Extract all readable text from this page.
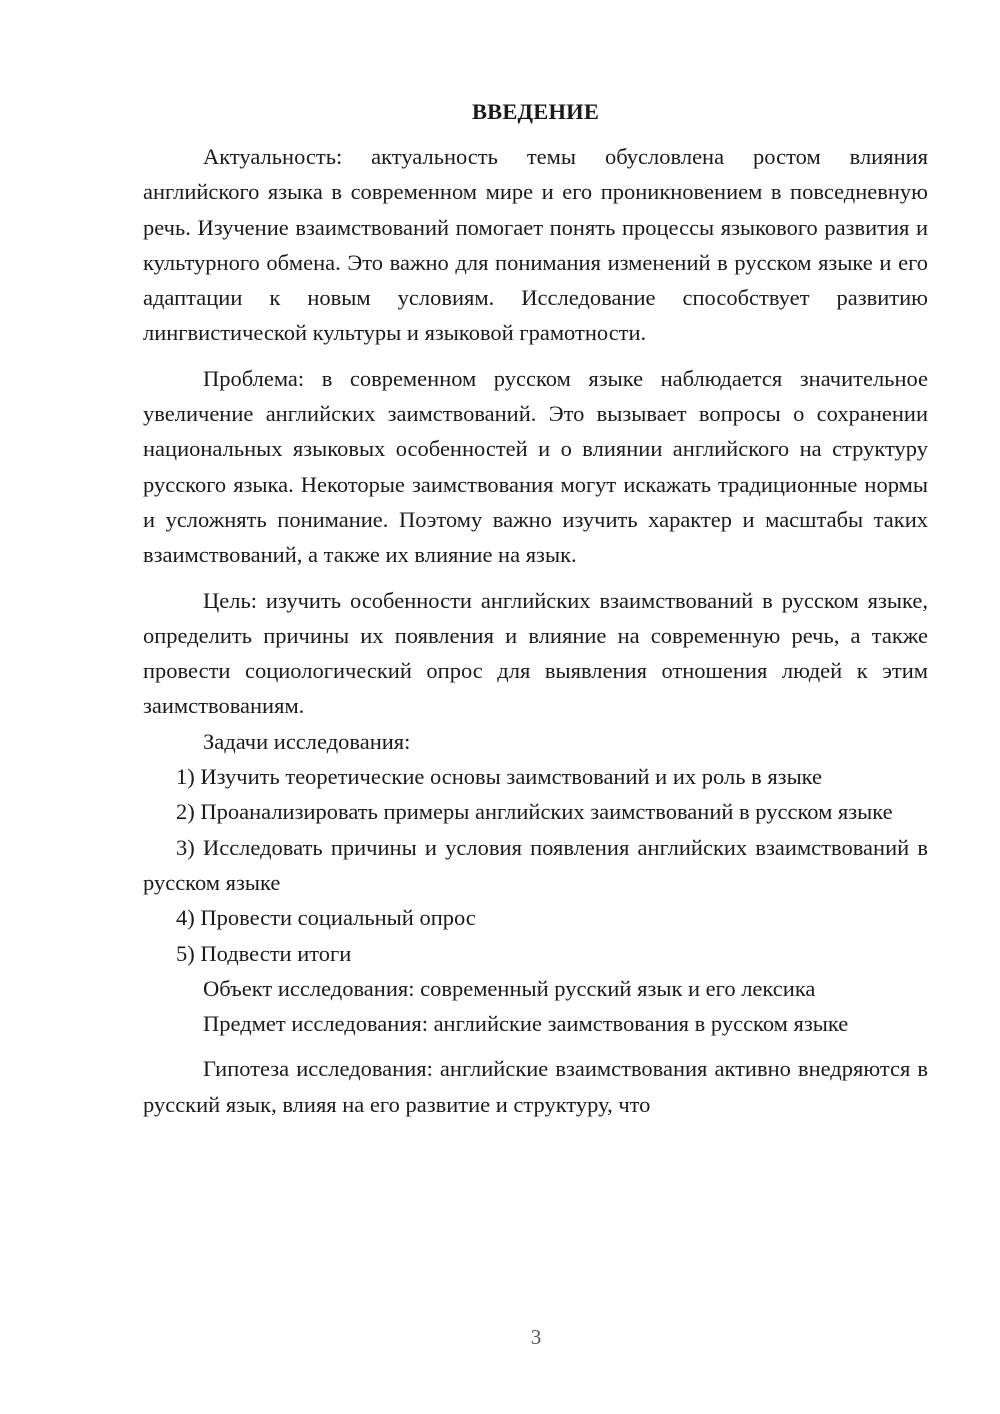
ВВЕДЕНИЕ

Актуальность: актуальность темы обусловлена ростом влияния английского языка в современном мире и его проникновением в повседневную речь. Изучение взаимствований помогает понять процессы языкового развития и культурного обмена. Это важно для понимания изменений в русском языке и его адаптации к новым условиям. Исследование способствует развитию лингвистической культуры и языковой грамотности.

Проблема: в современном русском языке наблюдается значительное увеличение английских заимствований. Это вызывает вопросы о сохранении национальных языковых особенностей и о влиянии английского на структуру русского языка. Некоторые заимствования могут искажать традиционные нормы и усложнять понимание. Поэтому важно изучить характер и масштабы таких взаимствований, а также их влияние на язык.

Цель: изучить особенности английских взаимствований в русском языке, определить причины их появления и влияние на современную речь, а также провести социологический опрос для выявления отношения людей к этим заимствованиям.

Задачи исследования:

1) Изучить теоретические основы заимствований и их роль в языке

2) Проанализировать примеры английских заимствований в русском языке

3) Исследовать причины и условия появления английских взаимствований в русском языке

4) Провести социальный опрос

5) Подвести итоги

Объект исследования: современный русский язык и его лексика

Предмет исследования: английские заимствования в русском языке

Гипотеза исследования: английские взаимствования активно внедряются в русский язык, влияя на его развитие и структуру, что

3
